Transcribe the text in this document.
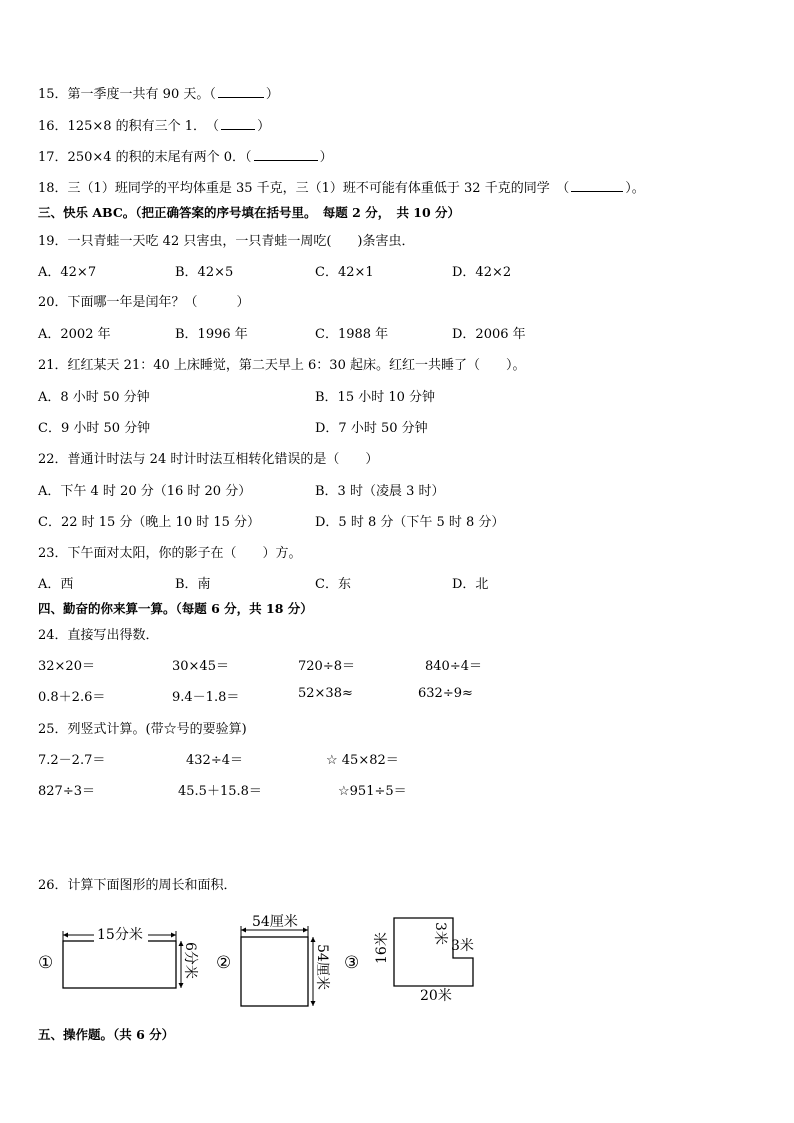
15．第一季度一共有 90 天。（	）
16．125×8 的积有三个 1．　（	）
17．250×4 的积的末尾有两个 0．（	）
18．三（1）班同学的平均体重是 35 千克，三（1）班不可能有体重低于 32 千克的同学　（	）。
三、快乐 ABC。（把正确答案的序号填在括号里。　每题 2 分，　共 10 分）
19．一只青蛙一天吃 42 只害虫，一只青蛙一周吃(　　)条害虫．
A．42×7	B．42×5	C．42×1	D．42×2
20．下面哪一年是闰年？（　　　）
A．2002 年	B．1996 年	C．1988 年	D．2006 年
21．红红某天 21：40 上床睡觉，第二天早上 6：30 起床。红红一共睡了（　　）。
A．8 小时 50 分钟	B．15 小时 10 分钟
C．9 小时 50 分钟	D．7 小时 50 分钟
22．普通计时法与 24 时计时法互相转化错误的是（　　）
A．下午 4 时 20 分（16 时 20 分）	B．3 时（凌晨 3 时）
C．22 时 15 分（晚上 10 时 15 分）	D．5 时 8 分（下午 5 时 8 分）
23．下午面对太阳，你的影子在（　　）方。
A．西	B．南	C．东	D．北
四、勤奋的你来算一算。（每题 6 分，共 18 分）
24．直接写出得数．
32×20＝	30×45＝	720÷8＝	840÷4＝
0.8＋2.6＝	9.4－1.8＝	52×38≈	632÷9≈
25．列竖式计算。(带☆号的要验算)
7.2－2.7＝	432÷4＝	☆ 45×82＝
827÷3＝	45.5＋15.8＝	☆951÷5＝
26．计算下面图形的周长和面积．
①
15分米
6分米 ②
54厘米
54厘米 ③ 16米	3米
3米
20米
五、操作题。（共 6 分）
